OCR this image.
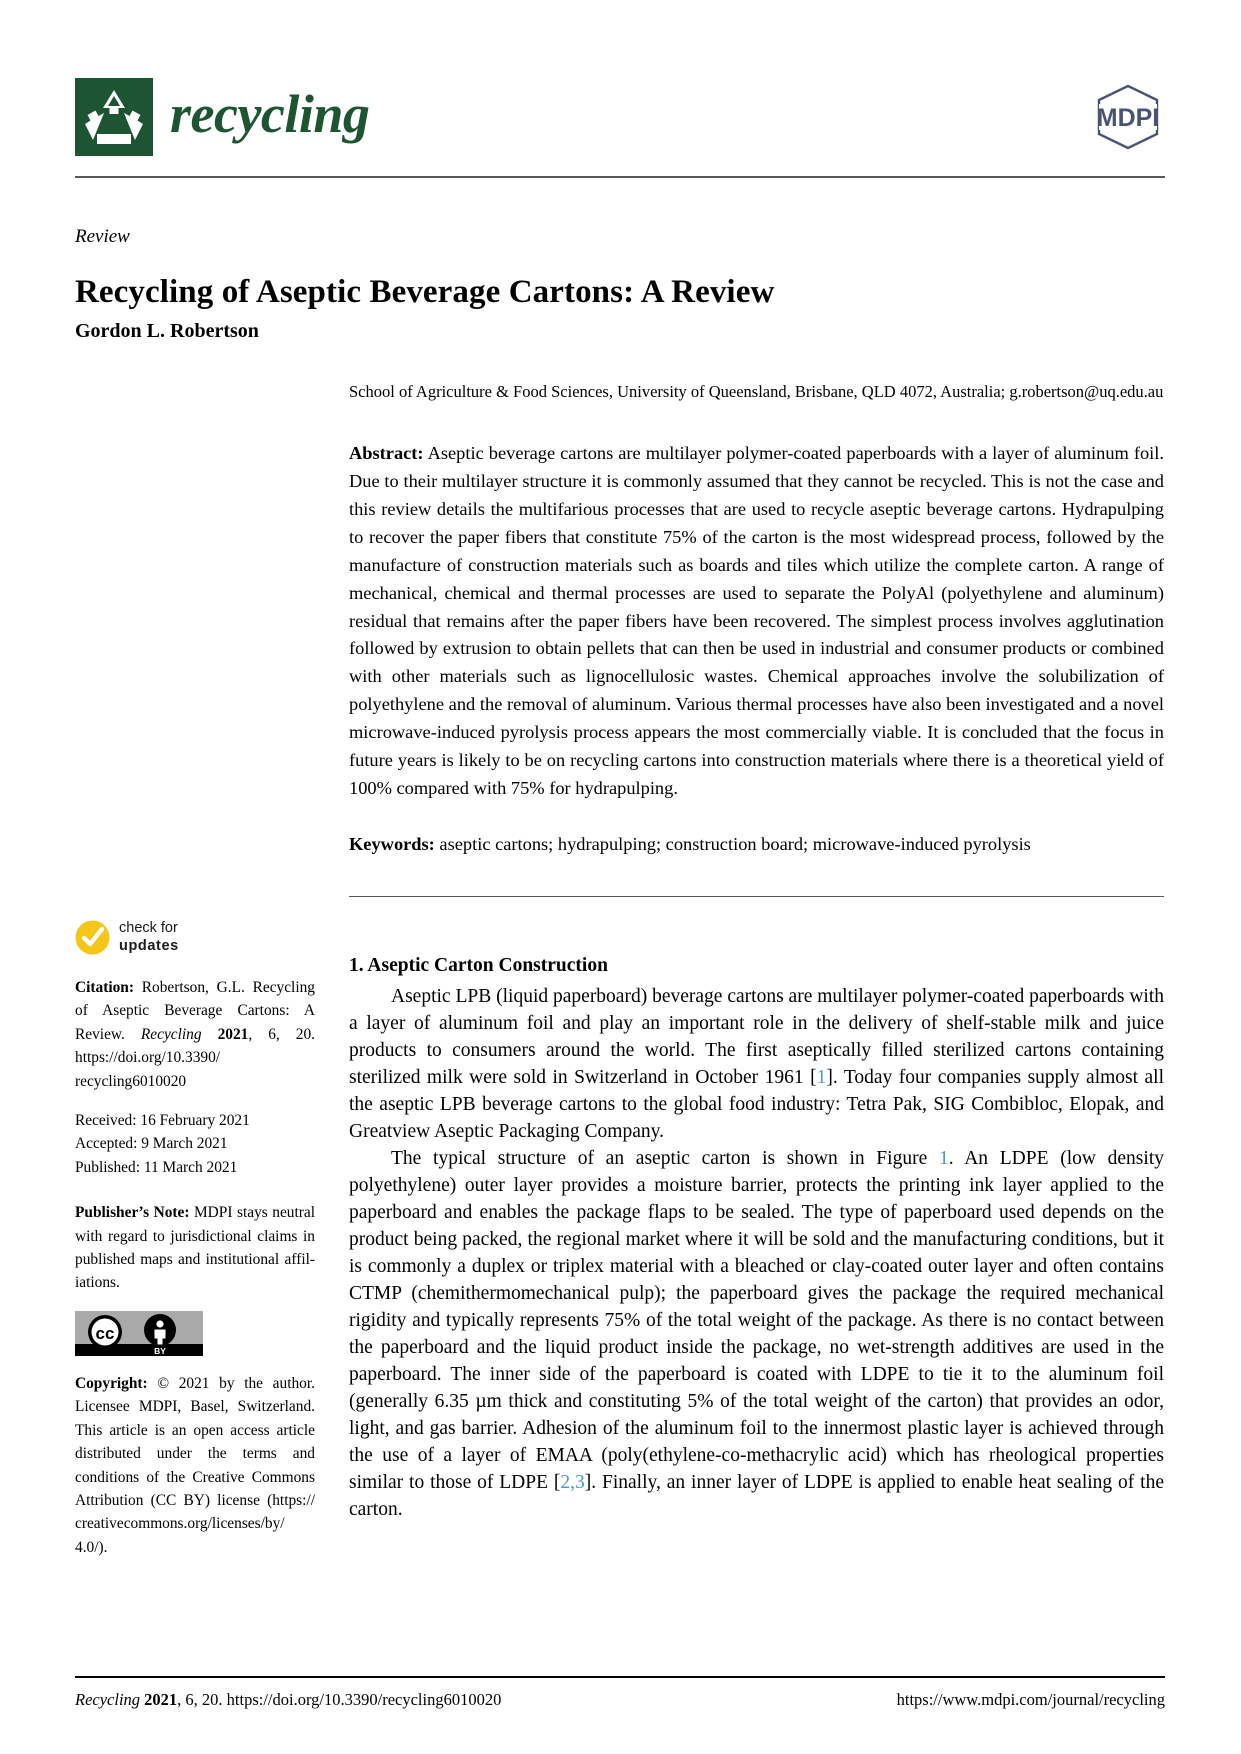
recycling	MDPI
Review
Recycling of Aseptic Beverage Cartons: A Review
Gordon L. Robertson
School of Agriculture & Food Sciences, University of Queensland, Brisbane, QLD 4072, Australia; g.robertson@uq.edu.au
Abstract: Aseptic beverage cartons are multilayer polymer-coated paperboards with a layer of aluminum foil. Due to their multilayer structure it is commonly assumed that they cannot be recycled. This is not the case and this review details the multifarious processes that are used to recycle aseptic beverage cartons. Hydrapulping to recover the paper fibers that constitute 75% of the carton is the most widespread process, followed by the manufacture of construction materials such as boards and tiles which utilize the complete carton. A range of mechanical, chemical and thermal processes are used to separate the PolyAl (polyethylene and aluminum) residual that remains after the paper fibers have been recovered. The simplest process involves agglutination followed by extrusion to obtain pellets that can then be used in industrial and consumer products or combined with other materials such as lignocellulosic wastes. Chemical approaches involve the solubilization of polyethylene and the removal of aluminum. Various thermal processes have also been investigated and a novel microwave-induced pyrolysis process appears the most commercially viable. It is concluded that the focus in future years is likely to be on recycling cartons into construction materials where there is a theoretical yield of 100% compared with 75% for hydrapulping.
Keywords: aseptic cartons; hydrapulping; construction board; microwave-induced pyrolysis
1. Aseptic Carton Construction

Aseptic LPB (liquid paperboard) beverage cartons are multilayer polymer-coated paperboards with a layer of aluminum foil and play an important role in the delivery of shelf-stable milk and juice products to consumers around the world. The first aseptically filled sterilized cartons containing sterilized milk were sold in Switzerland in October 1961 [1]. Today four companies supply almost all the aseptic LPB beverage cartons to the global food industry: Tetra Pak, SIG Combibloc, Elopak, and Greatview Aseptic Packaging Company.

The typical structure of an aseptic carton is shown in Figure 1. An LDPE (low density polyethylene) outer layer provides a moisture barrier, protects the printing ink layer applied to the paperboard and enables the package flaps to be sealed. The type of paperboard used depends on the product being packed, the regional market where it will be sold and the manufacturing conditions, but it is commonly a duplex or triplex material with a bleached or clay-coated outer layer and often contains CTMP (chemithermomechanical pulp); the paperboard gives the package the required mechanical rigidity and typically represents 75% of the total weight of the package. As there is no contact between the paperboard and the liquid product inside the package, no wet-strength additives are used in the paperboard. The inner side of the paperboard is coated with LDPE to tie it to the aluminum foil (generally 6.35 µm thick and constituting 5% of the total weight of the carton) that provides an odor, light, and gas barrier. Adhesion of the aluminum foil to the innermost plastic layer is achieved through the use of a layer of EMAA (poly(ethylene-co-methacrylic acid) which has rheological properties similar to those of LDPE [2,3]. Finally, an inner layer of LDPE is applied to enable heat sealing of the carton.

check for
updates

Citation: Robertson, G.L. Recycling of Aseptic Beverage Cartons: A Review. Recycling 2021, 6, 20. https://doi.org/10.3390/ recycling6010020

Received: 16 February 2021

Accepted: 9 March 2021

Published: 11 March 2021

Publisher’s Note: MDPI stays neutral with regard to jurisdictional claims in published maps and institutional affil-iations.

cc
BY

Copyright: © 2021 by the author. Licensee MDPI, Basel, Switzerland. This article is an open access article distributed under the terms and conditions of the Creative Commons Attribution (CC BY) license (https:// creativecommons.org/licenses/by/ 4.0/).

Recycling 2021, 6, 20. https://doi.org/10.3390/recycling6010020	https://www.mdpi.com/journal/recycling
